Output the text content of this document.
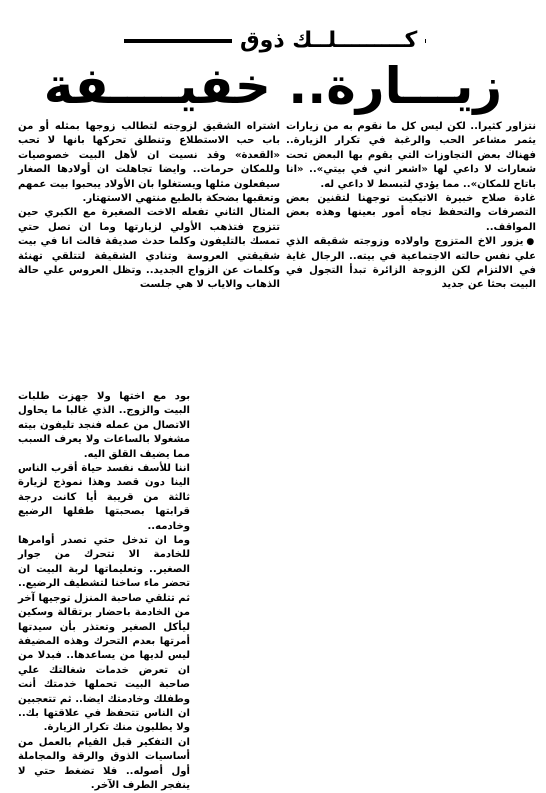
كـــــــــلــك ذوق
زيـــارة.. خفيــــفة

نتزاور كثيرا.. لكن ليس كل ما نقوم به من زيارات يثمر مشاعر الحب والرغبة في تكرار الزيارة.. فهناك بعض التجاوزات التي يقوم بها البعض تحت شعارات لا داعي لها «اشعر اني في بيتي».. «انا باتاح للمكان».. مما يؤدي لتبسط لا داعي له.

غادة صلاح خبيرة الاتيكيت توجهنا لتقنين بعض التصرفات والتحفظ تجاه أمور بعينها وهذه بعض المواقف..

●يزور الاخ المتزوج واولاده وزوجته شقيقه الذي علي نفس حالته الاجتماعية في بيته.. الرجال غاية في الالتزام لكن الزوجة الزائرة تبدأ التجول في البيت بحثا عن جديد

اشتراه الشقيق لزوجته لتطالب زوجها بمثله أو من باب حب الاستطلاع وتنطلق تحركها بانها لا تحب «القعدة» وقد نسيت ان لأهل البيت خصوصيات وللمكان حرمات.. وايضا تجاهلت ان أولادها الصغار سيفعلون مثلها ويستغلوا بان الأولاد يبحبوا بيت عمهم وتعقبها بضحكة بالطبع منتهي الاستهتار.

المثال الثاني تفعله الاخت الصغيرة مع الكبري حين تتزوج فتذهب الأولي لزيارتها وما ان تصل حتي تمسك بالتليفون وكلما حدث صديقة قالت انا في بيت شقيقتي العروسة وتنادي الشقيقة لتتلقي تهنئة وكلمات عن الزواج الجديد.. وتظل العروس علي حالة الذهاب والاياب لا هي جلست

بود مع اختها ولا جهزت طلبات البيت والزوج.. الذي غالبا ما يحاول الاتصال من عمله فنجد تليفون بيته مشغولا بالساعات ولا يعرف السبب مما يضيف القلق اليه.

اننا للأسف نفسد حياة أقرب الناس الينا دون قصد وهذا نموذج لزيارة ثالثة من قريبة أيا كانت درجة قرابتها بصحبتها طفلها الرضيع وخادمه..

وما ان تدخل حتي تصدر أوامرها للخادمة الا تتحرك من جوار الصغير.. وتعليماتها لربة البيت ان تحضر ماء ساخنا لتشطيف الرضيع.. ثم تتلقي صاحبة المنزل توجيها آخر من الخادمة باحضار برتقالة وسكين ليأكل الصغير وتعتذر بأن سيدتها أمرتها بعدم التحرك وهذه المضيفة ليس لديها من يساعدها.. فبدلا من ان تعرض خدمات شغالتك علي صاحبة البيت تحملها خدمتك أنت وطفلك وخادمتك ايضا.. ثم تتعجبين ان الناس تتحفظ في علاقتها بك.. ولا يطلبون منك تكرار الزيارة.

ان التفكير قبل القيام بالعمل من أساسيات الذوق والرقة والمجاملة أول أصوله.. فلا تضغط حتي لا ينفجر الطرف الآخر.
